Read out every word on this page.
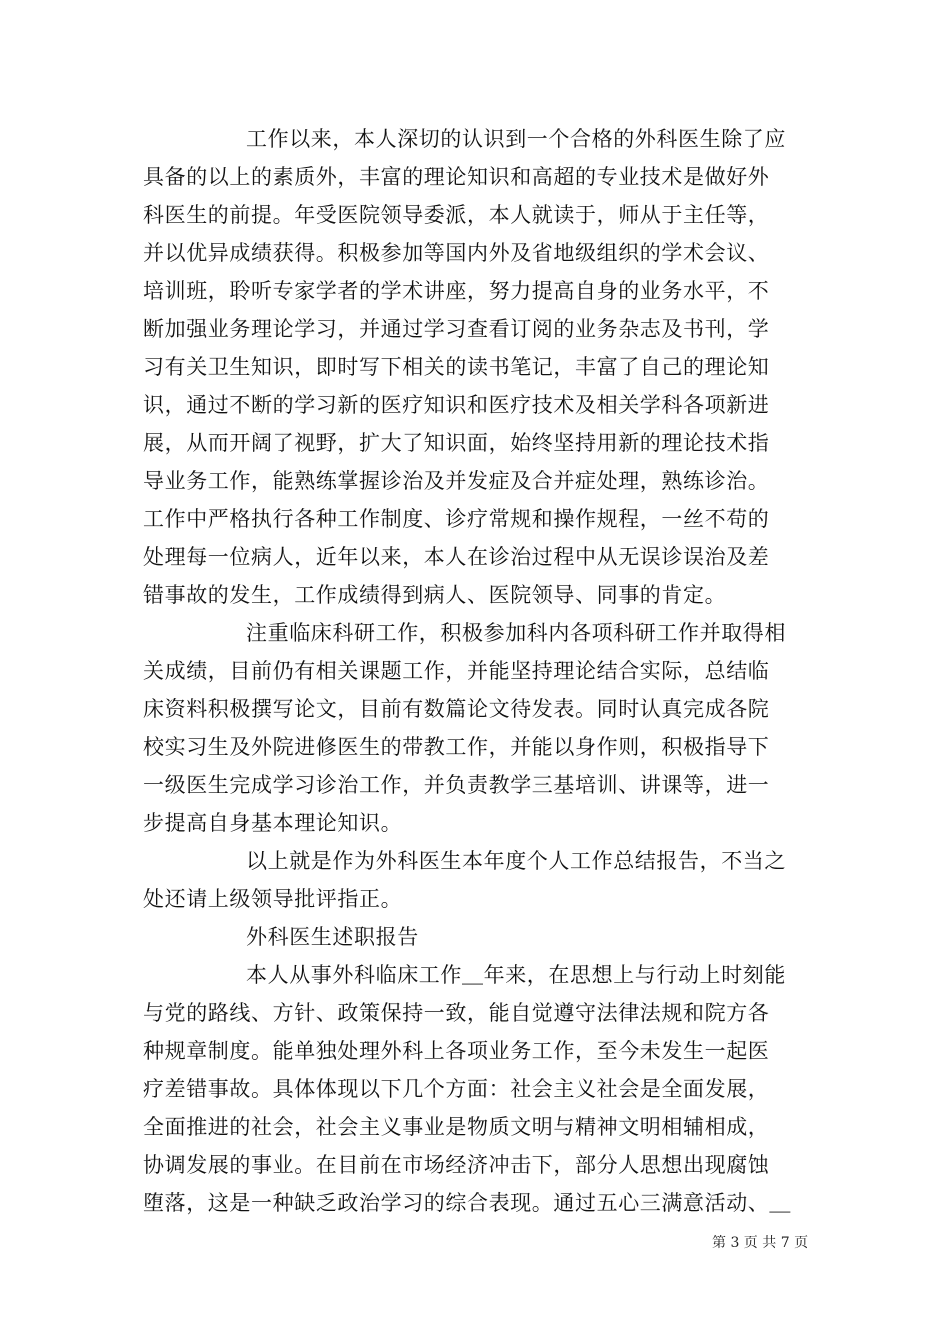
工作以来，本人深切的认识到一个合格的外科医生除了应
具备的以上的素质外，丰富的理论知识和高超的专业技术是做好外
科医生的前提。年受医院领导委派，本人就读于，师从于主任等，
并以优异成绩获得。积极参加等国内外及省地级组织的学术会议、
培训班，聆听专家学者的学术讲座，努力提高自身的业务水平，不
断加强业务理论学习，并通过学习查看订阅的业务杂志及书刊，学
习有关卫生知识，即时写下相关的读书笔记，丰富了自己的理论知
识，通过不断的学习新的医疗知识和医疗技术及相关学科各项新进
展，从而开阔了视野，扩大了知识面，始终坚持用新的理论技术指
导业务工作，能熟练掌握诊治及并发症及合并症处理，熟练诊治。
工作中严格执行各种工作制度、诊疗常规和操作规程，一丝不苟的
处理每一位病人，近年以来，本人在诊治过程中从无误诊误治及差
错事故的发生，工作成绩得到病人、医院领导、同事的肯定。
注重临床科研工作，积极参加科内各项科研工作并取得相
关成绩，目前仍有相关课题工作，并能坚持理论结合实际，总结临
床资料积极撰写论文，目前有数篇论文待发表。同时认真完成各院
校实习生及外院进修医生的带教工作，并能以身作则，积极指导下
一级医生完成学习诊治工作，并负责教学三基培训、讲课等，进一
步提高自身基本理论知识。
以上就是作为外科医生本年度个人工作总结报告，不当之
处还请上级领导批评指正。
外科医生述职报告
本人从事外科临床工作＿年来，在思想上与行动上时刻能
与党的路线、方针、政策保持一致，能自觉遵守法律法规和院方各
种规章制度。能单独处理外科上各项业务工作，至今未发生一起医
疗差错事故。具体体现以下几个方面：社会主义社会是全面发展，
全面推进的社会，社会主义事业是物质文明与精神文明相辅相成，
协调发展的事业。在目前在市场经济冲击下，部分人思想出现腐蚀
堕落，这是一种缺乏政治学习的综合表现。通过五心三满意活动、＿
第 3 页 共 7 页
